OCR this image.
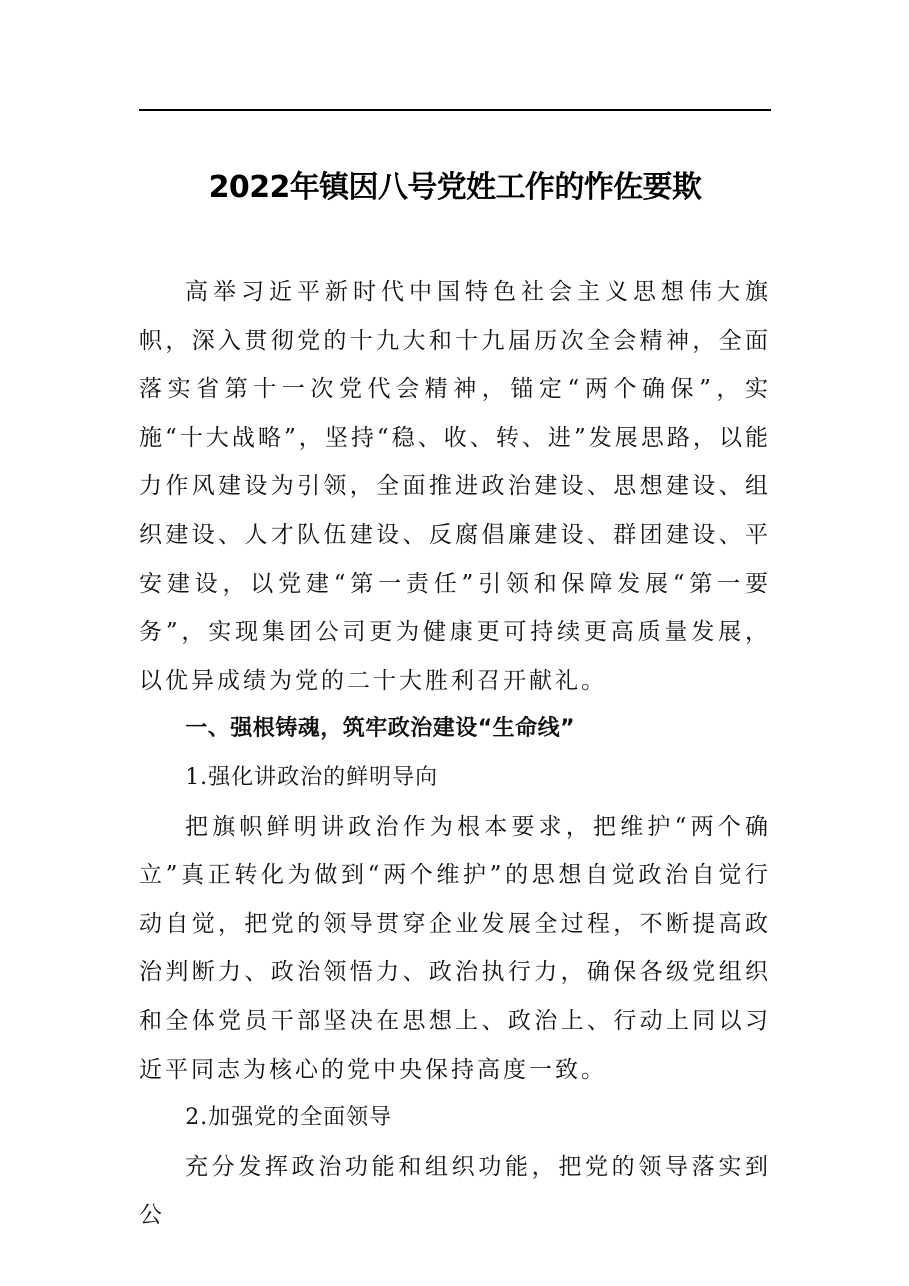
2022年镇因八号党姓工作的怍佐要欺

高举习近平新时代中国特色社会主义思想伟大旗帜，深入贯彻党的十九大和十九届历次全会精神，全面落实省第十一次党代会精神，锚定“两个确保”，实施“十大战略”，坚持“稳、收、转、进”发展思路，以能力作风建设为引领，全面推进政治建设、思想建设、组织建设、人才队伍建设、反腐倡廉建设、群团建设、平安建设，以党建“第一责任”引领和保障发展“第一要务”，实现集团公司更为健康更可持续更高质量发展，以优异成绩为党的二十大胜利召开献礼。

一、强根铸魂，筑牢政治建设“生命线”

1.强化讲政治的鲜明导向

把旗帜鲜明讲政治作为根本要求，把维护“两个确立”真正转化为做到“两个维护”的思想自觉政治自觉行动自觉，把党的领导贯穿企业发展全过程，不断提高政治判断力、政治领悟力、政治执行力，确保各级党组织和全体党员干部坚决在思想上、政治上、行动上同以习近平同志为核心的党中央保持高度一致。

2.加强党的全面领导

充分发挥政治功能和组织功能，把党的领导落实到公
